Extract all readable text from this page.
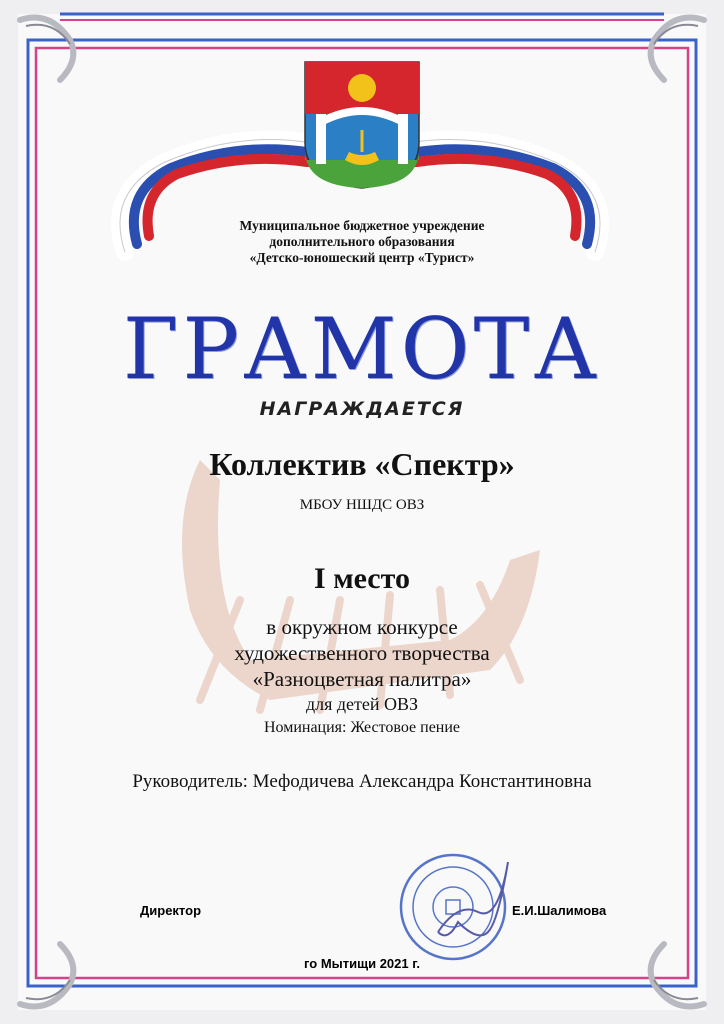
Муниципальное бюджетное учреждение
дополнительного образования
«Детско-юношеский центр «Турист»
ГРАМОТА
НАГРАЖДАЕТСЯ
Коллектив «Спектр»
МБОУ НШДС ОВЗ
I место
в окружном конкурсе
художественного творчества
«Разноцветная палитра»
для детей ОВЗ
Номинация: Жестовое пение
Руководитель: Мефодичева Александра Константиновна
Директор	Е.И.Шалимова
го Мытищи 2021 г.
